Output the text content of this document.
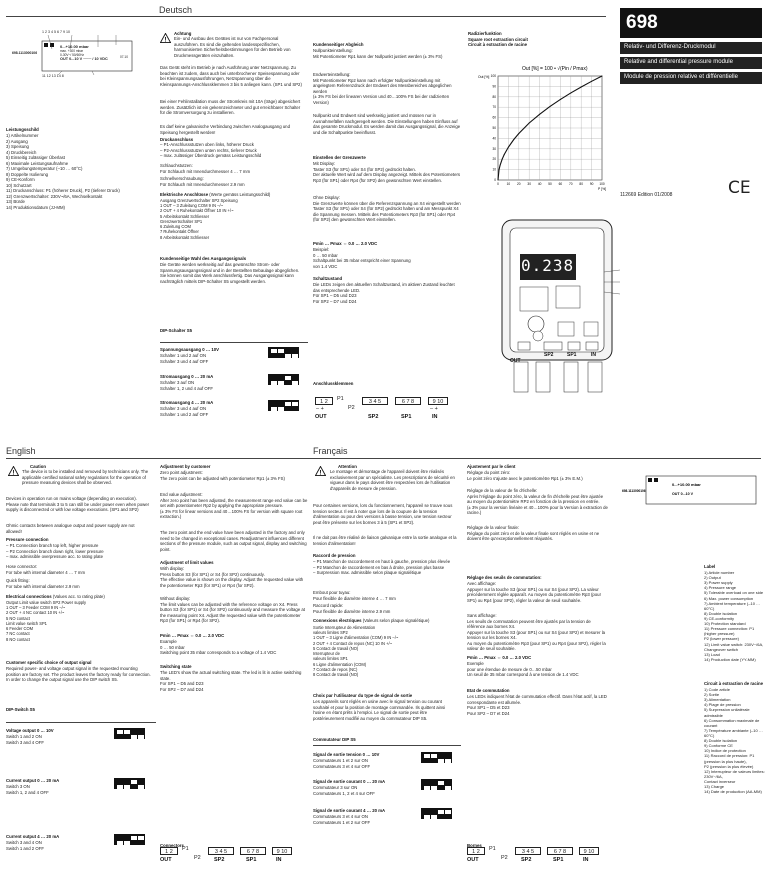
Deutsch
English	Français
698
Relativ- und Differenz-Druckmodul
Relative and differential pressure module
Module de pression relative et différentielle
112669 Edition 01/2008	CE
1 2 3 4 5 6 7 9 10
698.1113000106
0...+10.00 mbar
max. +300 mbar
0-30V~/ 50/60Hz
OUT 0...10 V ─── / 10 VDC	07.10
11 12 13 14 8
Leistungsschild
1) Artikelnummer
2) Ausgang
3) Speisung
4) Druckbereich
5) Einseitig zulässiger Überlast
6) Maximale Leistungsaufnahme
7) Umgebungstemperatur (–10 … 60°C)
8) Doppelte Isolierung
9) CE-Konform
10) Schutzart
11) Druckanschluss: P1 (höherer Druck), P2 (tieferer Druck)
12) Grenzwertschalter: 230V~/6A, Wechselkontakt
13) Bürde
14) Produktionsdatum (JJ-MM)
!
Achtung
Ein- und Ausbau des Gerätes ist nur von Fachpersonal auszuführen. Es sind die geltenden landesspezifischen, harmonisierten Sicherheitsbestimmungen für den Betrieb von Druckmessgeräten einzuhalten.
Das Gerät steht im Betrieb je nach Ausführung unter Netzspannung. Zu beachten ist zudem, dass auch bei unterbrochener Speisespannung oder bei Kleinspannungsausführungen, Netzspannung über die Kleinspannungs-Anschlussklemmen 3 bis 5 anliegen kann. (SP1 und SP2)
Bei einer Fehlinstallation muss der Stromkreis mit 10A (träge) abgesichert werden. Zusätzlich ist ein gekennzeichneter und gut erreichbarer Schalter für die Stromversorgung zu installieren.
Es darf keine galvanische Verbindung zwischen Analogausgang und Speisung hergestellt werden!
Druckanschluss
– P1-Anschlussstutzen oben links, höherer Druck
– P2-Anschlussstutzen unten rechts, tieferer Druck
– max. zulässiger Überdruck gemäss Leistungsschild
Schlauchstutzen:
Für Schlauch mit Innendurchmesser 4 … 7 mm
Schnellverschraubung:
Für Schlauch mit Innendurchmesser 2.9 mm
Elektrische Anschlüsse (Werte gemäss Leistungsschild)
Ausgang Grenzwertschalter SP2 Speisung
1 OUT – 3 Zuleitung COM 9 IN –/~
2 OUT + 4 Ruhekontakt Öffner 10 IN +/~
5 Arbeitskontakt Schliesser
Grenzwertschalter SP1
6 Zuleitung COM
7 Ruhekontakt Öffner
8 Arbeitskontakt Schliesser
Kundenseitige Wahl des Ausgangssignals
Die Geräte werden werkseitig auf das gewünschte Strom- oder Spannungsausgangssignal und in der Bestellten Bebaulage abgeglichen. Sie können somit das Werk anschlussfertig. Das Ausgangssignal kann nachträglich mittels DIP-Schalter S5 umgestellt werden.
DIP-Schalter S5
Spannungsausgang 0 … 10V
Schalter 1 und 2 auf ON
Schalter 3 und 4 auf OFF
Stromausgang 0 … 20 mA
Schalter 3 auf ON
Schalter 1, 2 und 4 auf OFF
Stromausgang 4 … 20 mA
Schalter 3 und 4 auf ON
Schalter 1 und 2 auf OFF
Kundenseitiger Abgleich
Nullpunkteinstellung:
Mit Potentiometer Rp1 kann der Nullpunkt justiert werden (± 3% FS)
Endwerteinstellung:
Mit Potentiometer Rp2 kann nach erfolgter Nullpunkteinstellung mit angelegtem Referenzdruck der Endwert des Messbereiches abgeglichen werden
(± 3% FS bei der linearen Version und 40…100% FS bei der radizierten Version)
Nullpunkt und Endwert sind werkseitig justiert und müssen nur in Ausnahmefällen nachgeregelt werden. Die Einstellungen haben Einfluss auf das gesamte Druckmodul. Es werden damit das Ausgangssignal, die Anzeige und die Schaltpunkte beeinflusst.
Einstellen der Grenzwerte
Mit Display:
Taster S3 (für SP1) oder S4 (für SP2) gedrückt halten.
Der aktuelle Wert wird auf dem Display angezeigt. Mittels des Potentiometers Rp3 (für SP1) oder Rp4 (für SP2) den gewünschten Wert einstellen.
Ohne Display:
Die Grenzwerte können über die Referenzspannung an X4 eingestellt werden
Taster S3 (für SP1) oder S4 (für SP2) gedrückt halten und am Messpunkt X4 die Spannung messen. Mittels des Potentiometers Rp3 (für SP1) oder Rp4 (für SP2) den gewünschten Wert einstellen.
Pmin … Pmax ⇔ 0.0 … 2.0 VDC
Beispiel:
0 … 50 mbar
Schaltpunkt bei 35 mbar entspricht einer Spannung
von 1.4 VDC
Schaltzustand
Die LEDs zeigen den aktuellen Schaltzustand, im aktiven Zustand leuchtet das entsprechende LED.
Für SP1 – D5 und D23
Für SP2 – D7 und D24
Anschlussklemmen
1 2	P1
P2
3 4 5	6 7 8	9 10
– +	– +
OUT	SP2	SP1	IN
Radizierfunktion
Square root extraction circuit
Circuit à extraction de racine
Out [%] = 100 • √(Pin / Pmax)
0 10 20 30 40 50 60 70 80 90 100
0
10
20
30
40
50
60
70
80
90
100
Out [%]
P [%]
0.238
OUT
SP2	SP1	IN
!
Caution
The device is to be installed and removed by technicians only. The applicable certified national safety regulations for the operation of pressure measuring devices shall be observed.
Devices in operation run on mains voltage (depending on execution). Please note that terminals 3 to 5 can still be under power even when power supply is disconnected or with low voltage executions. (SP1 and SP2)
Ohmic contacts between analogue output and power supply are not allowed!
Pressure connection
– P1 Connection branch top left, higher pressure
– P2 Connection branch down right, lower pressure
– max. admissible overpressure acc. to rating plate
Hose connector:
For tube with internal diameter 4 … 7 mm
Quick fitting:
For tube with internal diameter 2.9 mm
Electrical connections (Values acc. to rating plate)
Output Limit value switch SP2 Power supply
1 OUT – 3 Feeder COM 9 IN –/~
2 OUT + 4 NC contact 10 IN +/~
5 NO contact
Limit value switch SP1
6 Feeder COM
7 NC contact
8 NO contact
Customer specific choice of output signal
Required power- and voltage output signal in the requested mounting position are factory set. The product leaves the factory ready for connection. In order to change the output signal use the DIP switch S5.
DIP-Switch S5
Voltage output 0 … 10V
Switch 1 and 2 ON
Switch 3 and 4 OFF
Current output 0 … 20 mA
Switch 3 ON
Switch 1, 2 and 4 OFF
Current output 4 … 20 mA
Switch 3 and 4 ON
Switch 1 and 2 OFF
Adjustment by customer
Zero point adjustment:
The zero point can be adjusted with potentiometer Rp1 (± 3% FS)
End value adjustment:
After zero point has been adjusted, the measurement range end value can be set with potentiometer Rp2 by applying the appropriate pressure.
(± 3% FS for linear versions and 40…100% FS for version with square root extraction.)
The zero point and the end value have been adjusted in the factory and only need to be changed in exceptional cases. Readjustment influences different sections of the pressure module, such as output signal, display and switching point.
Adjustment of limit values
With display:
Press button S3 (for SP1) or S4 (for SP2) continuously.
The effective value is shown on the display. Adjust the requested value with the potentiometer Rp3 (for SP1) or Rp4 (for SP2).
Without display:
The limit values can be adjusted with the reference voltage on X4. Press button S3 (for SP1) or S4 (for SP2) continuously and measure the voltage at the measuring point X4. Adjust the requested value with the potentiometer Rp3 (for SP1) or Rp4 (for SP2).
Pmin … Pmax ⇔ 0.0 … 2.0 VDC
Example
0 … 50 mbar
Switching point 35 mbar corresponds to a voltage of 1.4 VDC
Switching state
The LED's show the actual switching state. The led is lit in active switching state.
For SP1 – D5 and D23
For SP2 – D7 and D24
Connectors
1 2	P1
P2
3 4 5	6 7 8	9 10
OUT	SP2	SP1	IN
!
Attention
Le montage et démontage de l'appareil doivent être réalisés exclusivement par un spécialiste. Les prescriptions de sécurité en vigueur dans le pays doivent être respectées lors de l'utilisation d'appareils de mesure de pression.
Pour certaines versions, lors du fonctionnement, l'appareil se trouve sous tension secteur. Il est à noter que lors de la coupure de la tension d'alimentation ou pour des versions à basse tension, une tension secteur peut être présente sur les bornes 3 à 5 (SP1 et SP2).
Il ne doit pas être réalisé de liaison galvanique entre la sortie analogue et la tension d'alimentation!
Raccord de pression
– P1 Manchon de raccordement en haut à gauche, pression plus élevée
– P2 Manchon de raccordement en bas à droite, pression plus basse
– Surpression max. admissible selon plaque signalétique
Embout pour tuyau:
Pour flexible de diamètre interne 4 … 7 mm
Raccord rapide:
Pour flexible de diamètre interne 2.9 mm
Connexions électriques (Valeurs selon plaque signalétique)
Sortie Interrupteur de Alimentation
valeurs limites SP2
1 OUT – 3 Ligne d'alimentation (COM) 9 IN –/~
2 OUT + 4 Contact de repos (NC) 10 IN +/~
5 Contact de travail (NO)
Interrupteur de
valeurs limites SP1
6 Ligne d'alimentation (COM)
7 Contact de repos (NC)
8 Contact de travail (NO)
Choix par l'utilisateur du type de signal de sortie
Les appareils sont réglés en usine avec le signal tension ou courant souhaité et pour la position de montage commandée. Ils quittent ainsi l'usine en étant prêts à l'emploi. Le signal de sortie peut être postérieurement modifié au moyen du commutateur DIP S5.
Commutateur DIP S5
Signal de sortie tension 0 … 10V
Commutateurs 1 et 2 sur ON
Commutateurs 3 et 4 sur OFF
Signal de sortie courant 0 … 20 mA
Commutateur 3 sur ON
Commutateurs 1, 2 et 4 sur OFF
Signal de sortie courant 4 … 20 mA
Commutateurs 3 et 4 sur ON
Commutateurs 1 et 2 sur OFF
Ajustement par le client
Réglage du point zéro:
Le point zéro s'ajuste avec le potentiomètre Rp1 (± 3% E.M.)
Réglage de la valeur de fin d'échelle:
Après l'réglage du point zéro, la valeur de fin d'échelle peut être ajustée au moyen du potentiomètre RP2 en fonction de la pression en entrée.
(± 3% pour la version linéaire et 40…100% pour la Version à extraction de racine.)
Réglage de la valeur finale:
Réglage du point zéro et de la valeur finale sont réglés en usine et ne doivent être qu'exceptionnellement réajustés.
Réglage des seuils de commutation:
Avec affichage:
Appuyer sur la touche S3 (pour SP1) ou sur S4 (pour SP2). La valeur précédemment réglée apparaît. Au moyen du potentiomètre Rp3 (pour SP1) ou Rp4 (pour SP2), régler la valeur de seuil souhaitée.
Sans affichage:
Les seuils de commutation peuvent être ajustés par la tension de référence aux bornes X4.
Appuyer sur la touche S3 (pour SP1) ou sur S4 (pour SP2) et mesurer la tension sur les bornes X4.
Au moyen du potentiomètre Rp3 (pour SP1) ou Rp4 (pour SP2), régler la valeur de seuil souhaitée.
Pmin … Pmax ⇔ 0.0 … 2.0 VDC
Exemple
pour une étendue de mesure de 0…50 mbar
Un seuil de 35 mbar correspond à une tension de 1.4 VDC
Etat de commutation
Les LEDs indiquent l'état de commutation effectif. Dans l'état actif, la LED correspondante est allumée.
Pour SP1 – D5 et D23
Pour SP2 – D7 et D24
Bornes
1 2	P1
P2
3 4 5	6 7 8	9 10
OUT	SP2	SP1	IN
698.1113000106
0...+10.00 mbar
OUT 0...10 V
Label
1) Article number
2) Output
3) Power supply
4) Pressure range
5) Tolerable overload on one side
6) Max. power consumption
7) Ambient temperature (–10 … 60°C)
8) Double isolation
9) CE-conformity
10) Protection standard
11) Pressure connection: P1 (higher pressure)
P2 (lower pressure)
12) Limit value switch: 230V~/6A, Changeover switch
13) Load
14) Production date (YY-MM)
Circuit à extraction de racine
1) Code article
2) Sortie
3) Alimentation
4) Plage de pression
5) Surpression unilatérale admissible
6) Consommation maximale de courant
7) Température ambiante (–10 … 60°C)
8) Double isolation
9) Conforme CE
10) Indice de protection
11) Raccord de pression: P1 (pression la plus haute),
P2 (pression la plus élevée)
12) Interrupteur de valeurs limites: 230V~/6A,
Contact inverseur
13) Charge
14) Date de production (AA-MM)
